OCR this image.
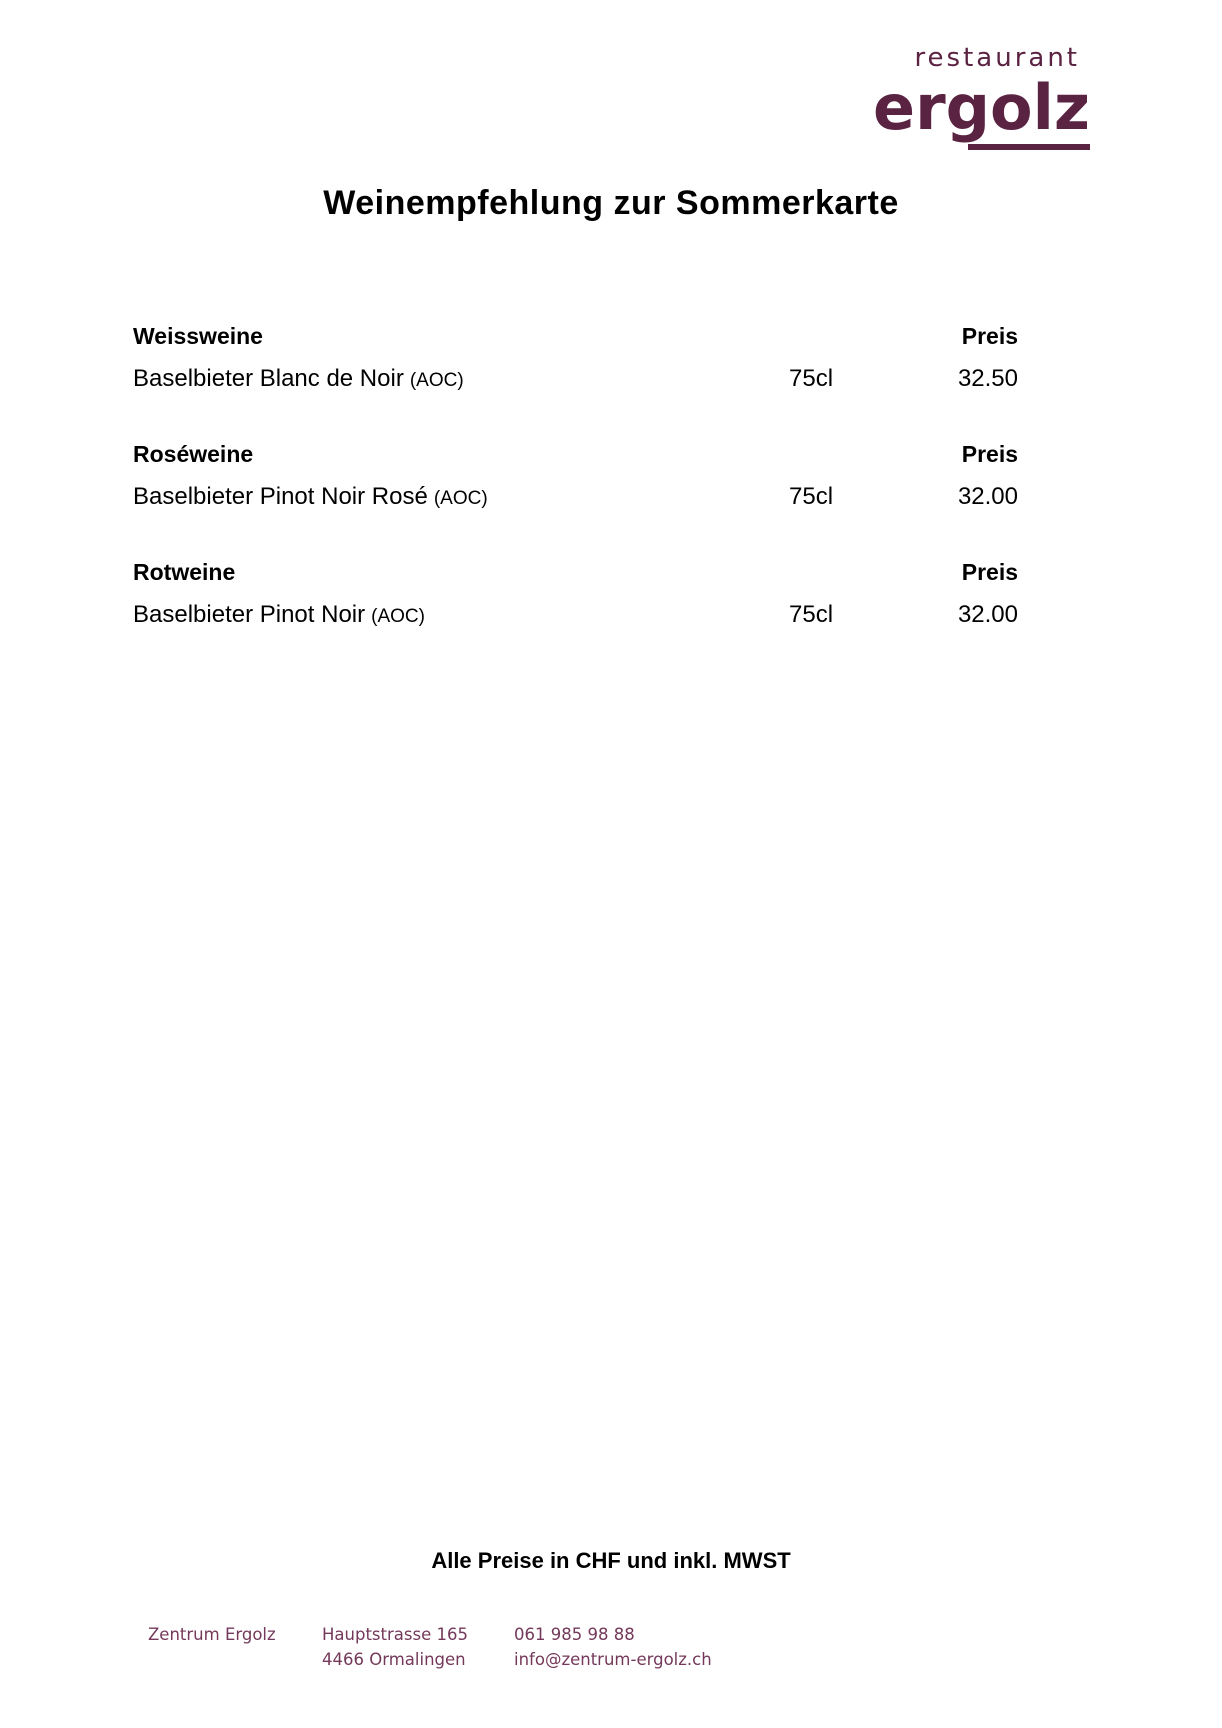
restaurant
ergolz
Weinempfehlung zur Sommerkarte
Weissweine	Preis
Baselbieter Blanc de Noir (AOC)	75cl	32.50
Roséweine	Preis
Baselbieter Pinot Noir Rosé (AOC)	75cl	32.00
Rotweine	Preis
Baselbieter Pinot Noir (AOC)	75cl	32.00
Alle Preise in CHF und inkl. MWST
Zentrum Ergolz	Hauptstrasse 165
4466 Ormalingen
061 985 98 88
info@zentrum-ergolz.ch
